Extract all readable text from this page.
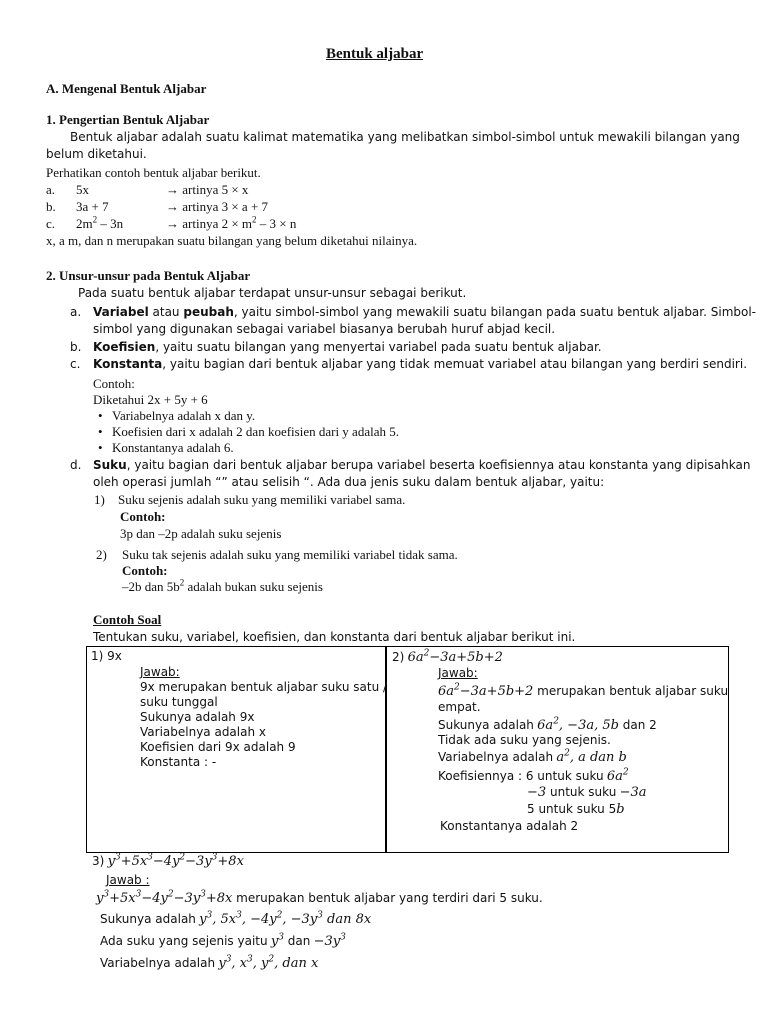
Bentuk aljabar
A. Mengenal Bentuk Aljabar
1. Pengertian Bentuk Aljabar
Bentuk aljabar adalah suatu kalimat matematika yang melibatkan simbol-simbol untuk mewakili bilangan yang
belum diketahui.
Perhatikan contoh bentuk aljabar berikut.
a. 5x	→ artinya 5 × x
b. 3a + 7	→ artinya 3 × a + 7
c. $2m^2 - 3n$	→ artinya $2 \times m^2 - 3 \times n$
x, a m, dan n merupakan suatu bilangan yang belum diketahui nilainya.
2. Unsur-unsur pada Bentuk Aljabar
Pada suatu bentuk aljabar terdapat unsur-unsur sebagai berikut.
a. Variabel atau peubah, yaitu simbol-simbol yang mewakili suatu bilangan pada suatu bentuk aljabar. Simbol-
simbol yang digunakan sebagai variabel biasanya berubah huruf abjad kecil.
b. Koefisien, yaitu suatu bilangan yang menyertai variabel pada suatu bentuk aljabar.
c. Konstanta, yaitu bagian dari bentuk aljabar yang tidak memuat variabel atau bilangan yang berdiri sendiri.
Contoh:
Diketahui 2x + 5y + 6
• Variabelnya adalah x dan y.
• Koefisien dari x adalah 2 dan koefisien dari y adalah 5.
• Konstantanya adalah 6.
d. Suku, yaitu bagian dari bentuk aljabar berupa variabel beserta koefisiennya atau konstanta yang dipisahkan
oleh operasi jumlah “” atau selisih “. Ada dua jenis suku dalam bentuk aljabar, yaitu:
1) Suku sejenis adalah suku yang memiliki variabel sama.
Contoh:
3p dan –2p adalah suku sejenis
2) Suku tak sejenis adalah suku yang memiliki variabel tidak sama.
Contoh:
–2b dan $5b^2$ adalah bukan suku sejenis
Contoh Soal
Tentukan suku, variabel, koefisien, dan konstanta dari bentuk aljabar berikut ini.
1) 9x
Jawab:
9x merupakan bentuk aljabar suku satu /
suku tunggal
Sukunya adalah 9x
Variabelnya adalah x
Koefisien dari 9x adalah 9
Konstanta : -
2) $6a^2-3a+5b+2$
Jawab:
$6a^2-3a+5b+2$ merupakan bentuk aljabar suku
empat.
Sukunya adalah $6a^2$, −3a, 5b dan 2
Tidak ada suku yang sejenis.
Variabelnya adalah $a^2$, a dan b
Koefisiennya : 6 untuk suku $6a^2$
−3 untuk suku −3a
5 untuk suku 5b
Konstantanya adalah 2
3) $y^3+5x^3-4y^2-3y^3+8x$
Jawab :
$y^3+5x^3-4y^2-3y^3+8x$ merupakan bentuk aljabar yang terdiri dari 5 suku.
Sukunya adalah $y^3$, $5x^3$, $-4y^2$, $-3y^3$ dan 8x
Ada suku yang sejenis yaitu $y^3$ dan $-3y^3$
Variabelnya adalah $y^3$, $x^3$, $y^2$, dan x
